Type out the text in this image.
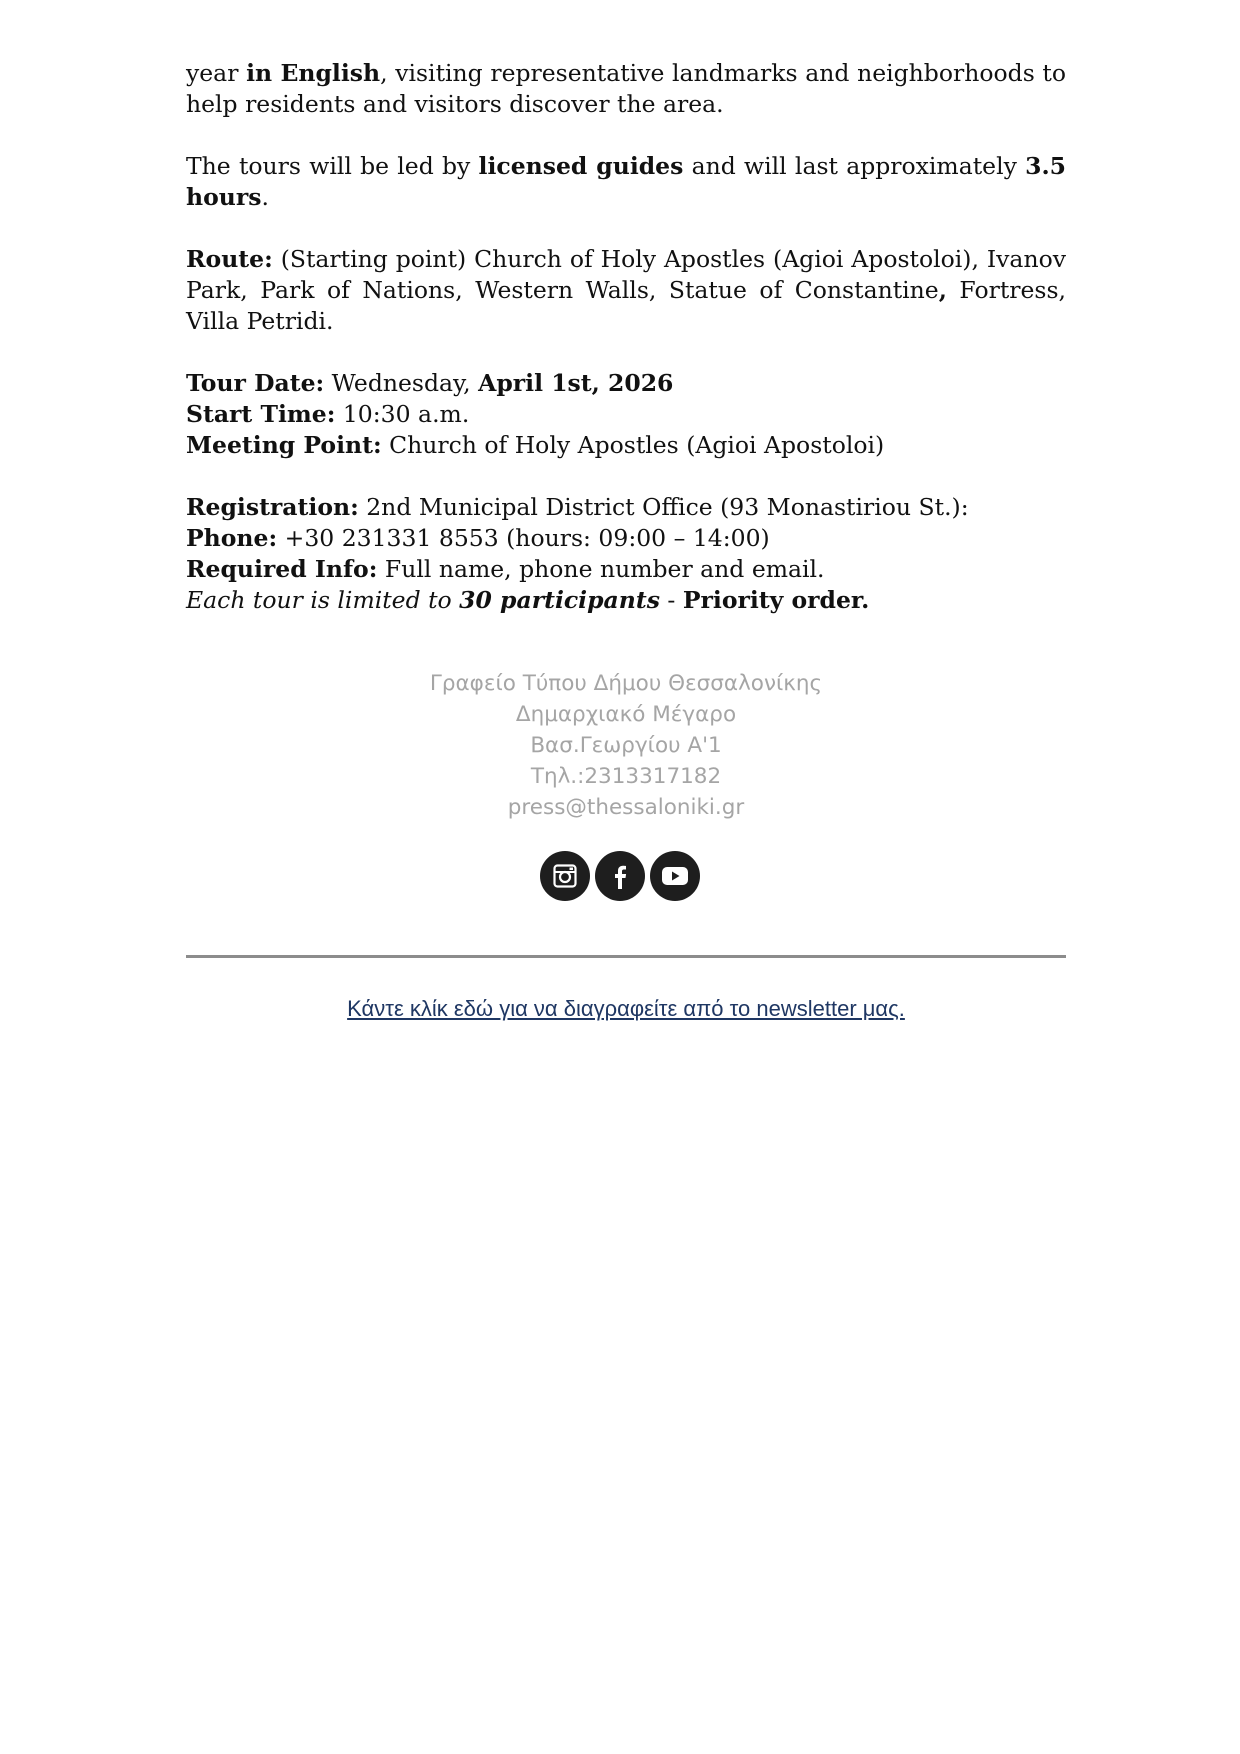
year in English, visiting representative landmarks and neighborhoods to help residents and visitors discover the area.

The tours will be led by licensed guides and will last approximately 3.5 hours.

Route: (Starting point) Church of Holy Apostles (Agioi Apostoloi), Ivanov Park, Park of Nations, Western Walls, Statue of Constantine, Fortress, Villa Petridi.

Tour Date: Wednesday, April 1st, 2026

Start Time: 10:30 a.m.

Meeting Point: Church of Holy Apostles (Agioi Apostoloi)

Registration: 2nd Municipal District Office (93 Monastiriou St.):

Phone: +30 231331 8553 (hours: 09:00 – 14:00)

Required Info: Full name, phone number and email.

Each tour is limited to 30 participants - Priority order.

Γραφείο Τύπου Δήμου Θεσσαλονίκης
Δημαρχιακό Μέγαρο
Βασ.Γεωργίου Α'1
Τηλ.:2313317182
press@thessaloniki.gr
Κάντε κλίκ εδώ για να διαγραφείτε από το newsletter μας.
